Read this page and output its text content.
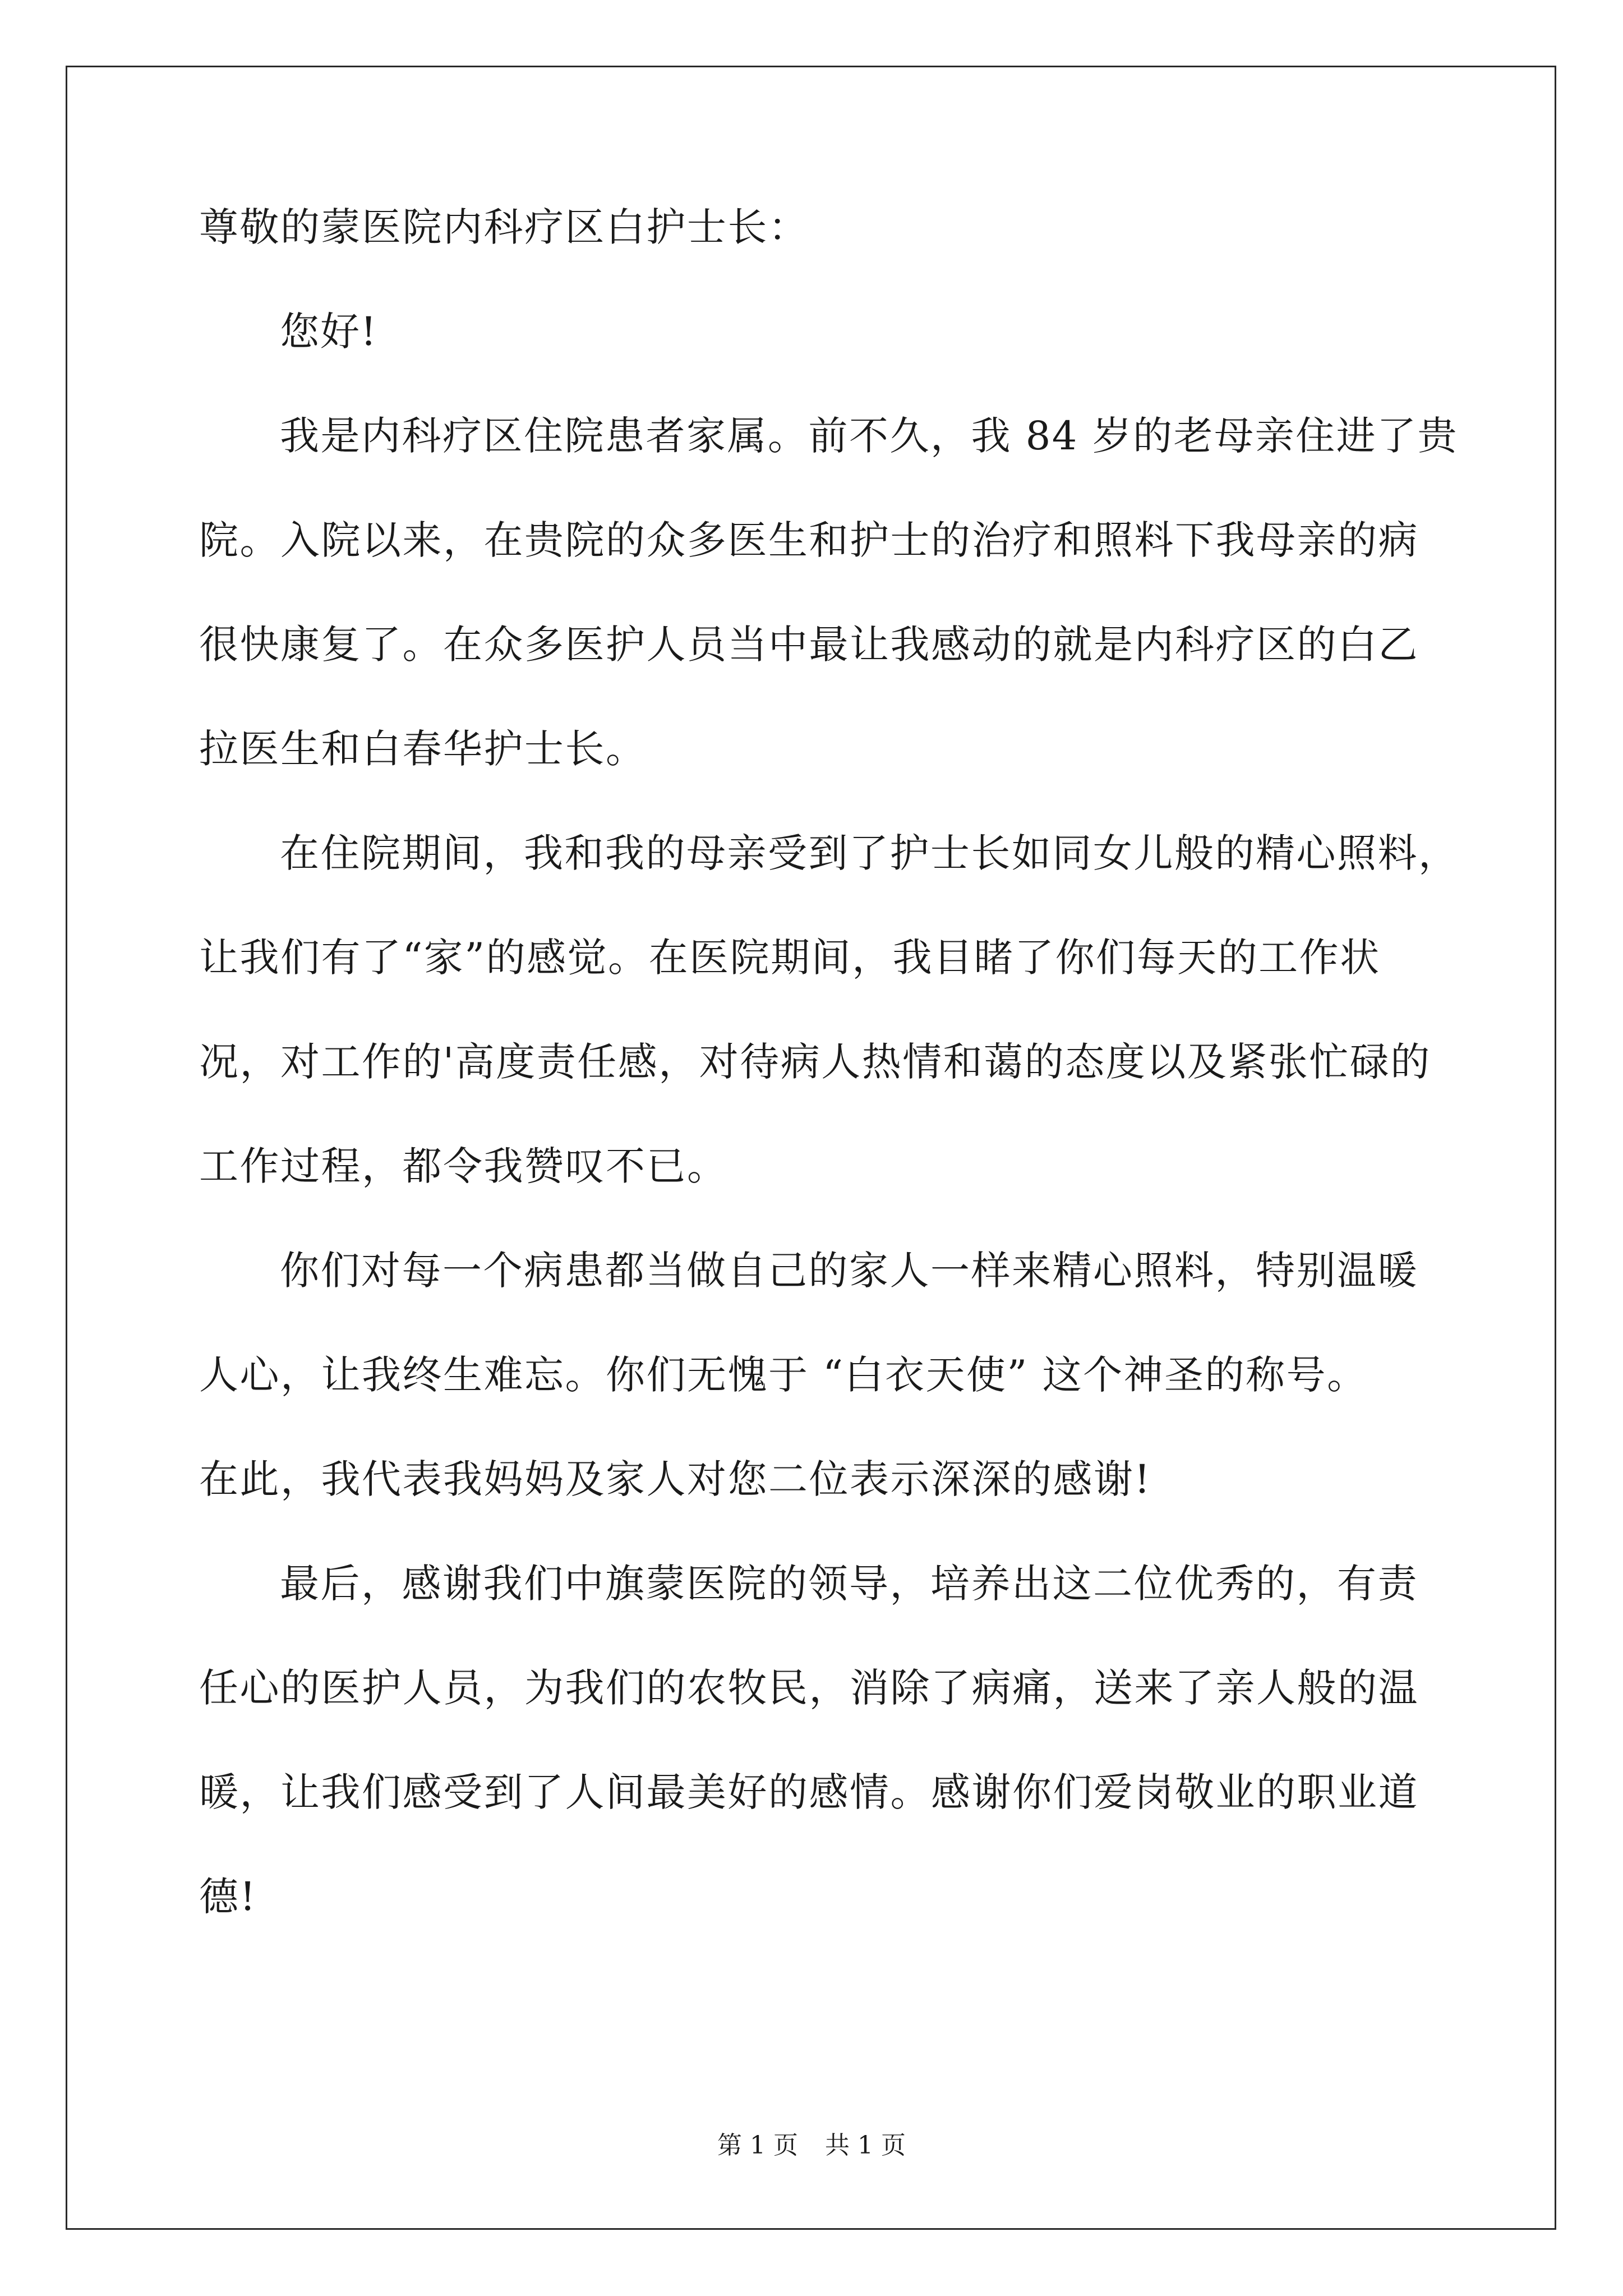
尊敬的蒙医院内科疗区白护士长：
您好!
我是内科疗区住院患者家属。前不久，我 84 岁的老母亲住进了贵
院。入院以来，在贵院的众多医生和护士的治疗和照料下我母亲的病
很快康复了。在众多医护人员当中最让我感动的就是内科疗区的白乙
拉医生和白春华护士长。
在住院期间，我和我的母亲受到了护士长如同女儿般的精心照料，
让我们有了“家”的感觉。在医院期间，我目睹了你们每天的工作状
况，对工作的'高度责任感，对待病人热情和蔼的态度以及紧张忙碌的
工作过程，都令我赞叹不已。
你们对每一个病患都当做自己的家人一样来精心照料，特别温暖
人心，让我终生难忘。你们无愧于 “白衣天使” 这个神圣的称号。
在此，我代表我妈妈及家人对您二位表示深深的感谢!
最后，感谢我们中旗蒙医院的领导，培养出这二位优秀的，有责
任心的医护人员，为我们的农牧民，消除了病痛，送来了亲人般的温
暖，让我们感受到了人间最美好的感情。感谢你们爱岗敬业的职业道
德!
第 1 页 共 1 页
